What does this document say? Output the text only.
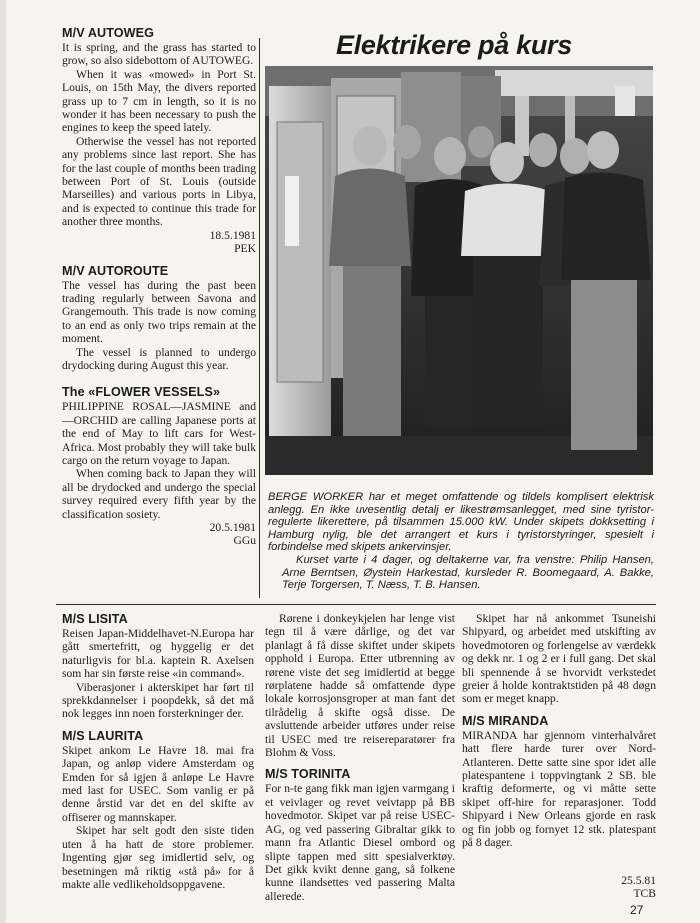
M/V AUTOWEG

It is spring, and the grass has started to grow, so also sidebottom of AUTOWEG.

When it was «mowed» in Port St. Louis, on 15th May, the divers reported grass up to 7 cm in length, so it is no wonder it has been necessary to push the engines to keep the speed lately.

Otherwise the vessel has not reported any problems since last report. She has for the last couple of months been trading between Port of St. Louis (outside Marseilles) and various ports in Libya, and is expected to continue this trade for another three months.

18.5.1981
PEK
M/V AUTOROUTE

The vessel has during the past been trading regularly between Savona and Grangemouth. This trade is now coming to an end as only two trips remain at the moment.

The vessel is planned to undergo drydocking during August this year.

The «FLOWER VESSELS»

PHILIPPINE ROSAL—JASMINE and—ORCHID are calling Japanese ports at the end of May to lift cars for West-Africa. Most probably they will take bulk cargo on the return voyage to Japan.

When coming back to Japan they will all be drydocked and undergo the special survey required every fifth year by the classification sosiety.

20.5.1981
GGu
Elektrikere på kurs

BERGE WORKER har et meget omfattende og tildels komplisert elektrisk anlegg. En ikke uvesentlig detalj er likestrømsanlegget, med sine tyristor-regulerte likerettere, på tilsammen 15.000 kW. Under skipets dokksetting i Hamburg nylig, ble det arrangert et kurs i tyristorstyringer, spesielt i forbindelse med skipets ankervinsjer.

Kurset varte i 4 dager, og deltakerne var, fra venstre: Philip Hansen, Arne Berntsen, Øystein Harkestad, kursleder R. Boomegaard, A. Bakke, Terje Torgersen, T. Næss, T. B. Hansen.

M/S LISITA

Reisen Japan-Middelhavet-N.Europa har gått smertefritt, og hyggelig er det naturligvis for bl.a. kaptein R. Axelsen som har sin første reise «in command».

Viberasjoner i akterskipet har ført til sprekkdannelser i poopdekk, så det må nok legges inn noen forsterkninger der.

M/S LAURITA

Skipet ankom Le Havre 18. mai fra Japan, og anløp videre Amsterdam og Emden for så igjen å anløpe Le Havre med last for USEC. Som vanlig er på denne årstid var det en del skifte av offiserer og mannskaper.

Skipet har selt godt den siste tiden uten å ha hatt de store problemer. Ingenting gjør seg imidlertid selv, og besetningen må riktig «stå på» for å makte alle vedlikeholdsoppgavene.

Rørene i donkeykjelen har lenge vist tegn til å være dårlige, og det var planlagt å få disse skiftet under skipets opphold i Europa. Etter utbrenning av rørene viste det seg imidlertid at begge rørplatene hadde så omfattende dype lokale korrosjonsgroper at man fant det tilrådelig å skifte også disse. De avsluttende arbeider utføres under reise til USEC med tre reisereparatører fra Blohm & Voss.

M/S TORINITA

For n-te gang fikk man igjen varmgang i et veivlager og revet veivtapp på BB hovedmotor. Skipet var på reise USEC-AG, og ved passering Gibraltar gikk to mann fra Atlantic Diesel ombord og slipte tappen med sitt spesialverktøy. Det gikk kvikt denne gang, så folkene kunne ilandsettes ved passering Malta allerede.

Skipet har nå ankommet Tsuneishi Shipyard, og arbeidet med utskifting av hovedmotoren og forlengelse av værdekk og dekk nr. 1 og 2 er i full gang. Det skal bli spennende å se hvorvidt verkstedet greier å holde kontraktstiden på 48 døgn som er meget knapp.

M/S MIRANDA

MIRANDA har gjennom vinterhalvåret hatt flere harde turer over Nord-Atlanteren. Dette satte sine spor idet alle platespantene i toppvingtank 2 SB. ble kraftig deformerte, og vi måtte sette skipet off-hire for reparasjoner. Todd Shipyard i New Orleans gjorde en rask og fin jobb og fornyet 12 stk. platespant på 8 dager.

25.5.81
TCB
27
